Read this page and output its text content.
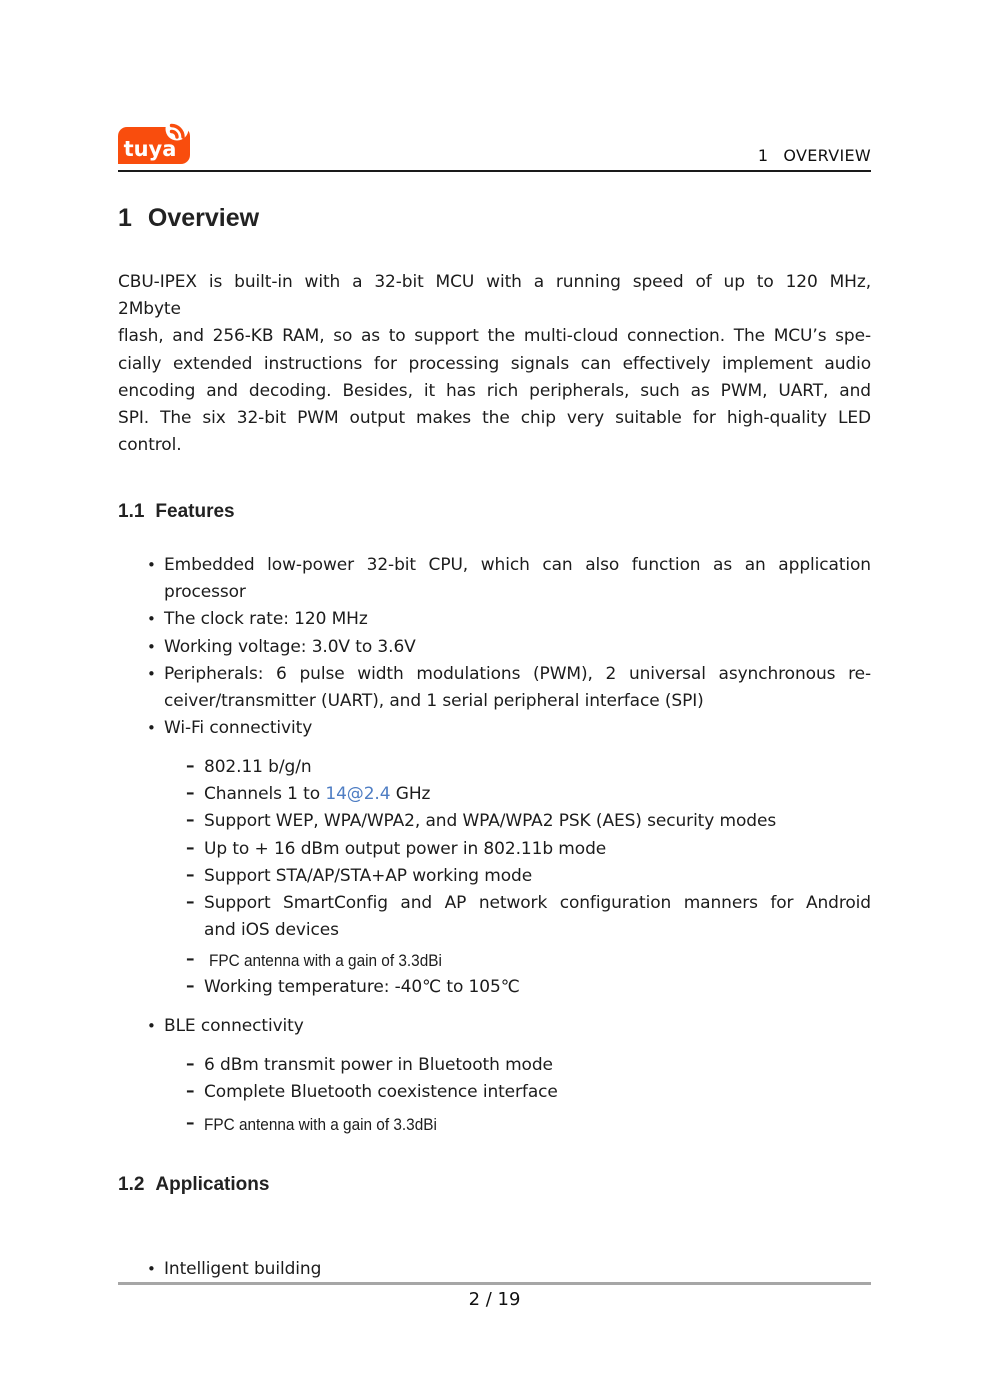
tuya	1 OVERVIEW
1 Overview
CBU-IPEX is built-in with a 32-bit MCU with a running speed of up to 120 MHz,
2Mbyte
flash, and 256-KB RAM, so as to support the multi-cloud connection. The MCU’s spe-
cially extended instructions for processing signals can effectively implement audio
encoding and decoding. Besides, it has rich peripherals, such as PWM, UART, and
SPI. The six 32-bit PWM output makes the chip very suitable for high-quality LED
control.
1.1 Features
• Embedded low-power 32-bit CPU, which can also function as an application
processor
• The clock rate: 120 MHz
• Working voltage: 3.0V to 3.6V
• Peripherals: 6 pulse width modulations (PWM), 2 universal asynchronous re-
ceiver/transmitter (UART), and 1 serial peripheral interface (SPI)
• Wi-Fi connectivity
– 802.11 b/g/n
– Channels 1 to 14@2.4 GHz
– Support WEP, WPA/WPA2, and WPA/WPA2 PSK (AES) security modes
– Up to + 16 dBm output power in 802.11b mode
– Support STA/AP/STA+AP working mode
– Support SmartConfig and AP network configuration manners for Android
and iOS devices
– FPC antenna with a gain of 3.3dBi
– Working temperature: -40℃ to 105℃
• BLE connectivity
– 6 dBm transmit power in Bluetooth mode
– Complete Bluetooth coexistence interface
– FPC antenna with a gain of 3.3dBi
1.2 Applications
• Intelligent building
2 / 19
